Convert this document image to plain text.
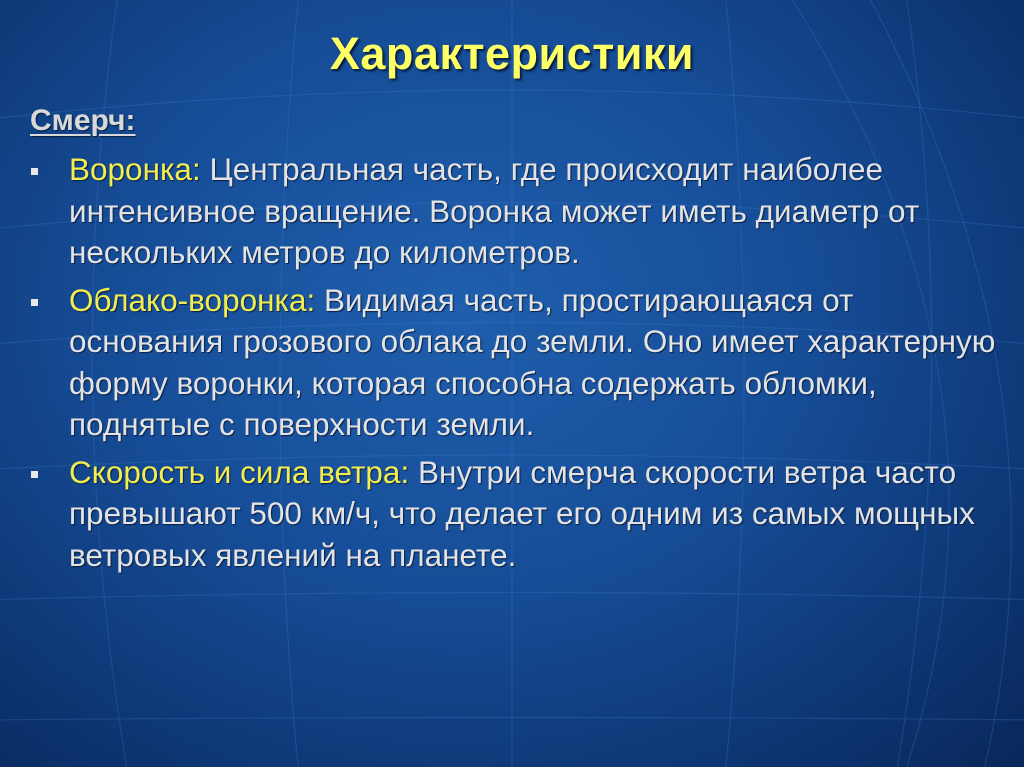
Характеристики
Смерч:
Воронка: Центральная часть, где происходит наиболее интенсивное вращение. Воронка может иметь диаметр от нескольких метров до километров.
Облако-воронка: Видимая часть, простирающаяся от основания грозового облака до земли. Оно имеет характерную форму воронки, которая способна содержать обломки, поднятые с поверхности земли.
Скорость и сила ветра: Внутри смерча скорости ветра часто превышают 500 км/ч, что делает его одним из самых мощных ветровых явлений на планете.
